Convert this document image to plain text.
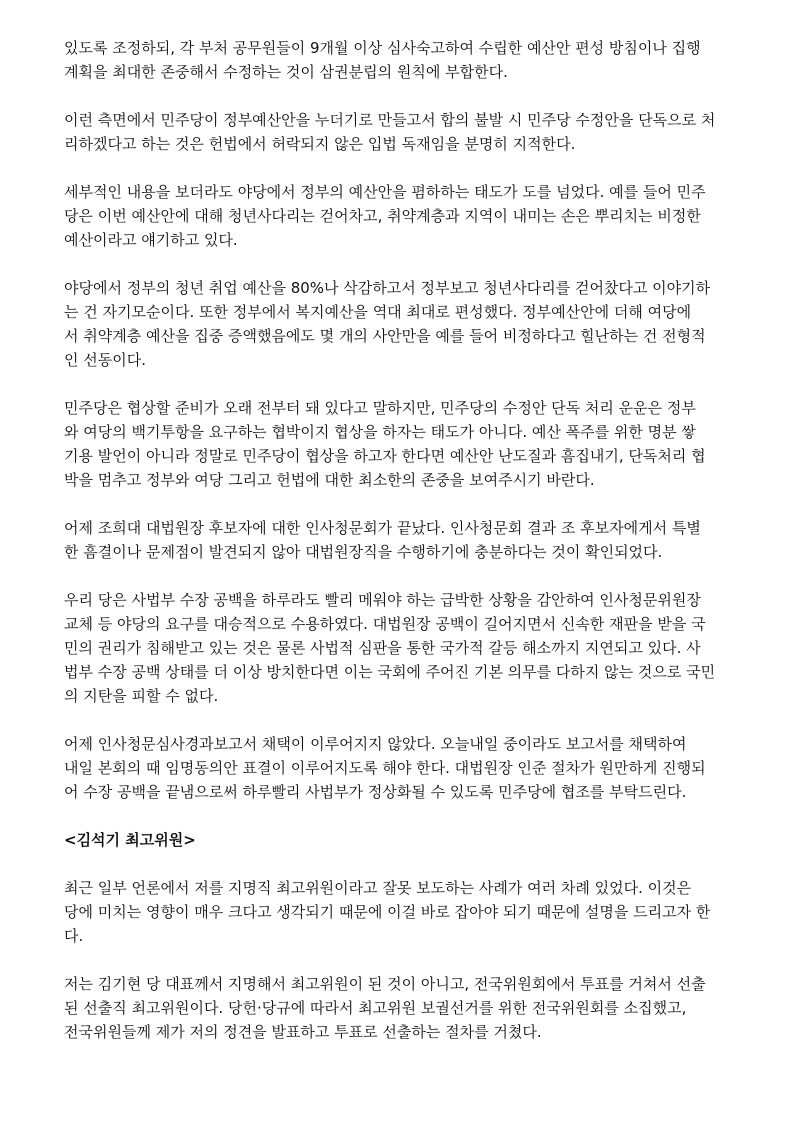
있도록 조정하되, 각 부처 공무원들이 9개월 이상 심사숙고하여 수립한 예산안 편성 방침이나 집행
계획을 최대한 존중해서 수정하는 것이 삼권분립의 원칙에 부합한다.

이런 측면에서 민주당이 정부예산안을 누더기로 만들고서 합의 불발 시 민주당 수정안을 단독으로 처
리하겠다고 하는 것은 헌법에서 허락되지 않은 입법 독재임을 분명히 지적한다.

세부적인 내용을 보더라도 야당에서 정부의 예산안을 폄하하는 태도가 도를 넘었다. 예를 들어 민주
당은 이번 예산안에 대해 청년사다리는 걷어차고, 취약계층과 지역이 내미는 손은 뿌리치는 비정한
예산이라고 얘기하고 있다.

야당에서 정부의 청년 취업 예산을 80%나 삭감하고서 정부보고 청년사다리를 걷어찼다고 이야기하
는 건 자기모순이다. 또한 정부에서 복지예산을 역대 최대로 편성했다. 정부예산안에 더해 여당에
서 취약계층 예산을 집중 증액했음에도 몇 개의 사안만을 예를 들어 비정하다고 힐난하는 건 전형적
인 선동이다.

민주당은 협상할 준비가 오래 전부터 돼 있다고 말하지만, 민주당의 수정안 단독 처리 운운은 정부
와 여당의 백기투항을 요구하는 협박이지 협상을 하자는 태도가 아니다. 예산 폭주를 위한 명분 쌓
기용 발언이 아니라 정말로 민주당이 협상을 하고자 한다면 예산안 난도질과 흠집내기, 단독처리 협
박을 멈추고 정부와 여당 그리고 헌법에 대한 최소한의 존중을 보여주시기 바란다.

어제 조희대 대법원장 후보자에 대한 인사청문회가 끝났다. 인사청문회 결과 조 후보자에게서 특별
한 흠결이나 문제점이 발견되지 않아 대법원장직을 수행하기에 충분하다는 것이 확인되었다.

우리 당은 사법부 수장 공백을 하루라도 빨리 메워야 하는 급박한 상황을 감안하여 인사청문위원장
교체 등 야당의 요구를 대승적으로 수용하였다. 대법원장 공백이 길어지면서 신속한 재판을 받을 국
민의 권리가 침해받고 있는 것은 물론 사법적 심판을 통한 국가적 갈등 해소까지 지연되고 있다. 사
법부 수장 공백 상태를 더 이상 방치한다면 이는 국회에 주어진 기본 의무를 다하지 않는 것으로 국민
의 지탄을 피할 수 없다.

어제 인사청문심사경과보고서 채택이 이루어지지 않았다. 오늘내일 중이라도 보고서를 채택하여
내일 본회의 때 임명동의안 표결이 이루어지도록 해야 한다. 대법원장 인준 절차가 원만하게 진행되
어 수장 공백을 끝냄으로써 하루빨리 사법부가 정상화될 수 있도록 민주당에 협조를 부탁드린다.

<김석기 최고위원>

최근 일부 언론에서 저를 지명직 최고위원이라고 잘못 보도하는 사례가 여러 차례 있었다. 이것은
당에 미치는 영향이 매우 크다고 생각되기 때문에 이걸 바로 잡아야 되기 때문에 설명을 드리고자 한
다.

저는 김기현 당 대표께서 지명해서 최고위원이 된 것이 아니고, 전국위원회에서 투표를 거쳐서 선출
된 선출직 최고위원이다. 당헌·당규에 따라서 최고위원 보궐선거를 위한 전국위원회를 소집했고,
전국위원들께 제가 저의 정견을 발표하고 투표로 선출하는 절차를 거쳤다.
